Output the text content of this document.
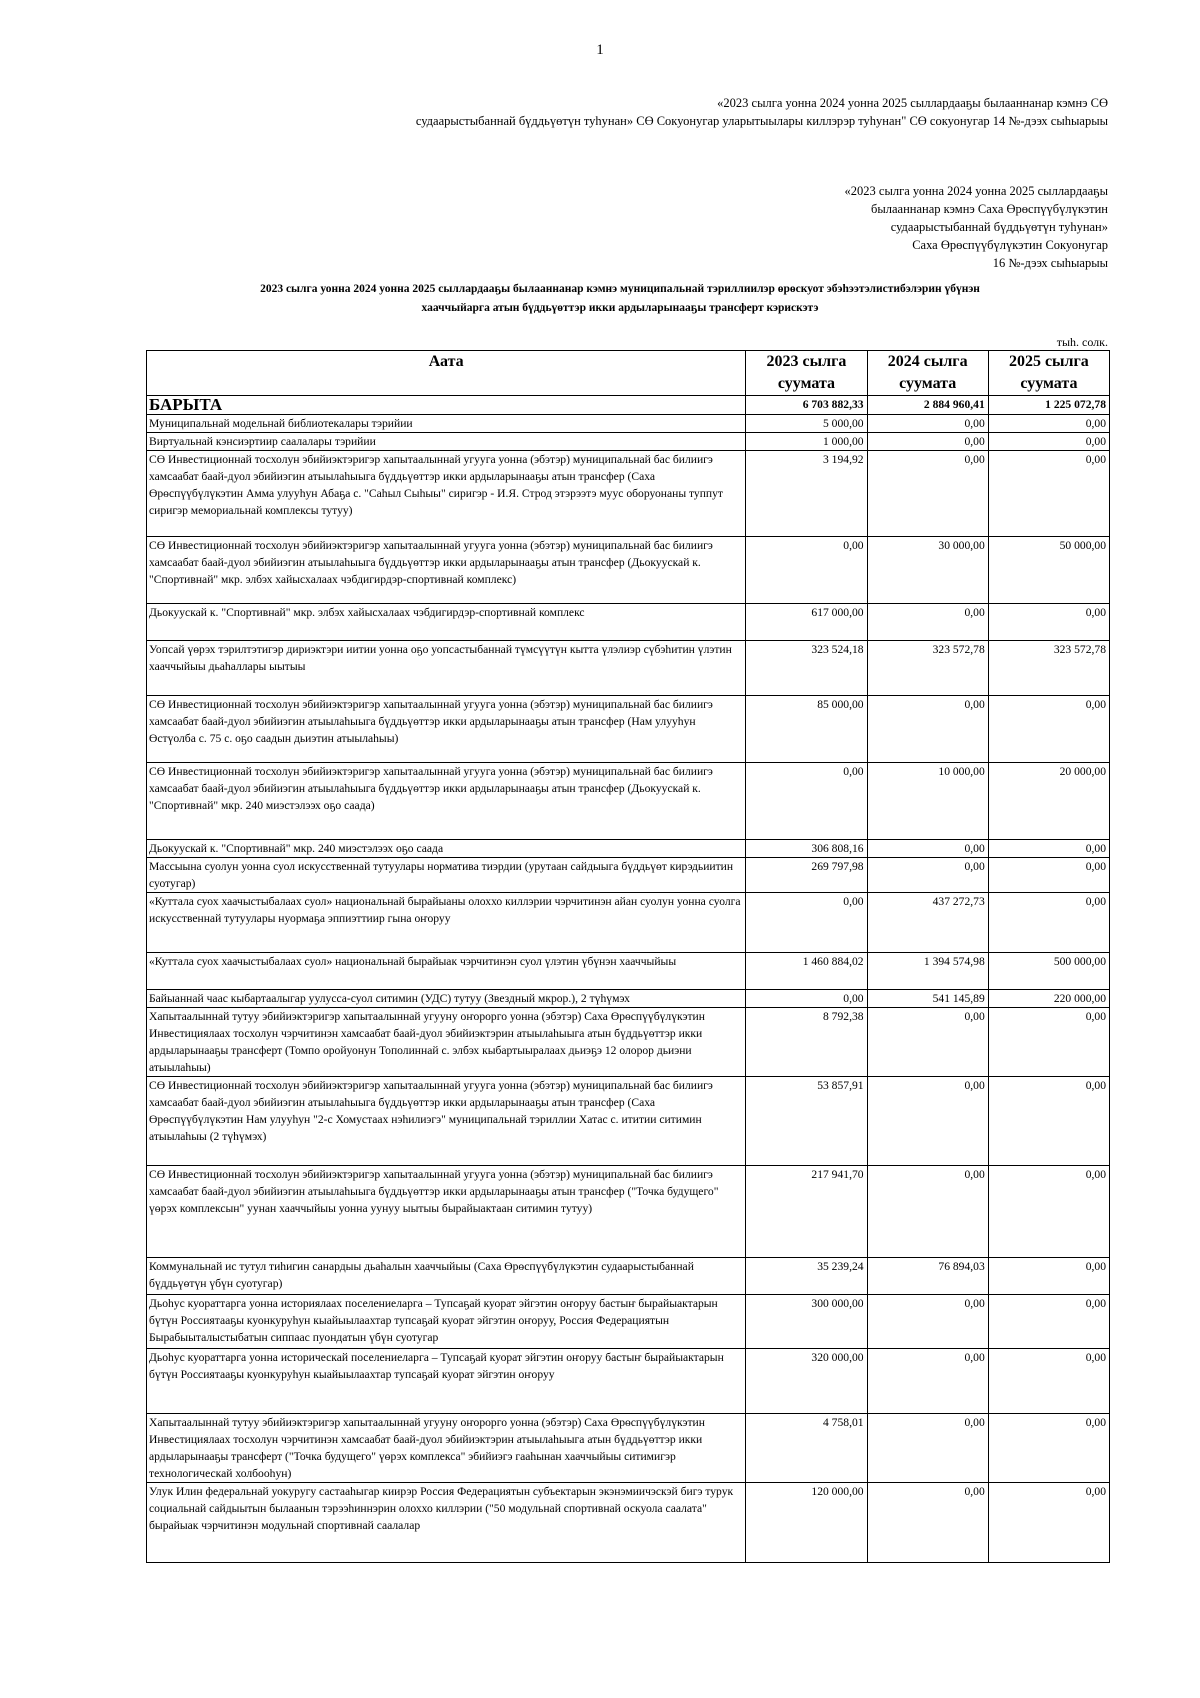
1
«2023 сылга уонна 2024 уонна 2025 сыллардааҕы былааннанар кэмнэ СӨ
судаарыстыбаннай бүддьүөтүн туһунан» СӨ Сокуонугар уларытыылары киллэрэр туһунан" СӨ сокуонугар 14 №-дээх сыһыарыы
«2023 сылга уонна 2024 уонна 2025 сыллардааҕы
былааннанар кэмнэ Саха Өрөспүүбүлүкэтин
судаарыстыбаннай бүддьүөтүн туһунан»
Саха Өрөспүүбүлүкэтин Сокуонугар
16 №-дээх сыһыарыы
2023 сылга уонна 2024 уонна 2025 сыллардааҕы былааннанар кэмнэ муниципальнай тэриллиилэр өрөскуот эбэһээтэлистибэлэрин үбүнэн
хааччыйарга атын бүддьүөттэр икки ардыларынааҕы трансферт кэрискэтэ
тыһ. солк.
Аата	2023 сылга суумата	2024 сылга суумата	2025 сылга суумата
БАРЫТА	6 703 882,33	2 884 960,41	1 225 072,78
Муниципальнай модельнай библиотекалары тэрийии	5 000,00	0,00	0,00
Виртуальнай кэнсиэртиир саалалары тэрийии	1 000,00	0,00	0,00
СӨ Инвестиционнай тосхолун эбийиэктэригэр хапытаалыннай угууга уонна (эбэтэр) муниципальнай бас билиигэ хамсаабат баай-дуол эбийиэгин атыылаһыыга бүддьүөттэр икки ардыларынааҕы атын трансфер (Саха Өрөспүүбүлүкэтин Амма улууһун Абаҕа с. "Саһыл Сыһыы" сиригэр - И.Я. Строд этэрээтэ муус оборуонаны туппут сиригэр мемориальнай комплексы тутуу)	3 194,92	0,00	0,00
СӨ Инвестиционнай тосхолун эбийиэктэригэр хапытаалыннай угууга уонна (эбэтэр) муниципальнай бас билиигэ хамсаабат баай-дуол эбийиэгин атыылаһыыга бүддьүөттэр икки ардыларынааҕы атын трансфер (Дьокуускай к. "Спортивнай" мкр. элбэх хайысхалаах чэбдигирдэр-спортивнай комплекс)	0,00	30 000,00	50 000,00
Дьокуускай к. "Спортивнай" мкр. элбэх хайысхалаах чэбдигирдэр-спортивнай комплекс	617 000,00	0,00	0,00
Уопсай үөрэх тэрилтэтигэр дириэктэри иитии уонна оҕо уопсастыбаннай түмсүүтүн кытта үлэлиэр сүбэһитин үлэтин хааччыйыы дьаһаллары ыытыы	323 524,18	323 572,78	323 572,78
СӨ Инвестиционнай тосхолун эбийиэктэригэр хапытаалыннай угууга уонна (эбэтэр) муниципальнай бас билиигэ хамсаабат баай-дуол эбийиэгин атыылаһыыга бүддьүөттэр икки ардыларынааҕы атын трансфер (Нам улууһун Өстүолба с. 75 с. оҕо саадын дьиэтин атыылаһыы)	85 000,00	0,00	0,00
СӨ Инвестиционнай тосхолун эбийиэктэригэр хапытаалыннай угууга уонна (эбэтэр) муниципальнай бас билиигэ хамсаабат баай-дуол эбийиэгин атыылаһыыга бүддьүөттэр икки ардыларынааҕы атын трансфер (Дьокуускай к. "Спортивнай" мкр. 240 миэстэлээх оҕо саада)	0,00	10 000,00	20 000,00
Дьокуускай к. "Спортивнай" мкр. 240 миэстэлээх оҕо саада	306 808,16	0,00	0,00
Массыына суолун уонна суол искусственнай тутуулары норматива тиэрдии (урутаан сайдыыга бүддьүөт кирэдьиитин суотугар)	269 797,98	0,00	0,00
«Куттала суох хаачыстыбалаах суол» национальнай бырайыаны олоххо киллэрии чэрчитинэн айан суолун уонна суолга искусственнай тутуулары нуормаҕа эппиэттиир гына оҥоруу	0,00	437 272,73	0,00
«Куттала суох хаачыстыбалаах суол» национальнай бырайыак чэрчитинэн суол үлэтин үбүнэн хааччыйыы	1 460 884,02	1 394 574,98	500 000,00
Байыаннай чаас кыбартаалыгар уулусса-суол ситимин (УДС) тутуу (Звездный мкрор.), 2 түһүмэх	0,00	541 145,89	220 000,00
Хапытаалыннай тутуу эбийиэктэригэр хапытаалыннай угууну оҥорорго уонна (эбэтэр) Саха Өрөспүүбүлүкэтин Инвестициялаах тосхолун чэрчитинэн хамсаабат баай-дуол эбийиэктэрин атыылаһыыга атын бүддьүөттэр икки ардыларынааҕы трансферт (Томпо оройуонун Тополиннай с. элбэх кыбартыыралаах дьиэҕэ 12 олорор дьиэни атыылаһыы)	8 792,38	0,00	0,00
СӨ Инвестиционнай тосхолун эбийиэктэригэр хапытаалыннай угууга уонна (эбэтэр) муниципальнай бас билиигэ хамсаабат баай-дуол эбийиэгин атыылаһыыга бүддьүөттэр икки ардыларынааҕы атын трансфер (Саха Өрөспүүбүлүкэтин Нам улууһун "2-с Хомустаах нэһилиэгэ" муниципальнай тэриллии Хатас с. ититии ситимин атыылаһыы (2 түһүмэх)	53 857,91	0,00	0,00
СӨ Инвестиционнай тосхолун эбийиэктэригэр хапытаалыннай угууга уонна (эбэтэр) муниципальнай бас билиигэ хамсаабат баай-дуол эбийиэгин атыылаһыыга бүддьүөттэр икки ардыларынааҕы атын трансфер ("Точка будущего" үөрэх комплексын" уунан хааччыйыы уонна уунуу ыытыы бырайыактаан ситимин тутуу)	217 941,70	0,00	0,00
Коммунальнай ис тутул тиһигин санардыы дьаһалын хааччыйыы (Саха Өрөспүүбүлүкэтин судаарыстыбаннай бүддьүөтүн үбүн суотугар)	35 239,24	76 894,03	0,00
Дьоһус куораттарга уонна историялаах поселениеларга – Тупсаҕай куорат эйгэтин оҥоруу бастыҥ бырайыактарын бүтүн Россиятааҕы куонкуруһун кыайыылаахтар тупсаҕай куорат эйгэтин оҥоруу, Россия Федерациятын Бырабыыталыстыбатын сиппаас пуондатын үбүн суотугар	300 000,00	0,00	0,00
Дьоһус куораттарга уонна историческай поселениеларга – Тупсаҕай куорат эйгэтин оҥоруу бастыҥ бырайыактарын бүтүн Россиятааҕы куонкуруһун кыайыылаахтар тупсаҕай куорат эйгэтин оҥоруу	320 000,00	0,00	0,00
Хапытаалыннай тутуу эбийиэктэригэр хапытаалыннай угууну оҥорорго уонна (эбэтэр) Саха Өрөспүүбүлүкэтин Инвестициялаах тосхолун чэрчитинэн хамсаабат баай-дуол эбийиэктэрин атыылаһыыга атын бүддьүөттэр икки ардыларынааҕы трансферт ("Точка будущего" үөрэх комплекса" эбийиэгэ гааһынан хааччыйыы ситимигэр технологическай холбооһун)	4 758,01	0,00	0,00
Улук Илин федеральнай уокуругу састааһыгар киирэр Россия Федерациятын субъектарын экэнэмиичэскэй бигэ турук социальнай сайдыытын былаанын тэрээһиннэрин олоххо киллэрии ("50 модульнай спортивнай оскуола саалата" бырайыак чэрчитинэн модульнай спортивнай саалалар	120 000,00	0,00	0,00
